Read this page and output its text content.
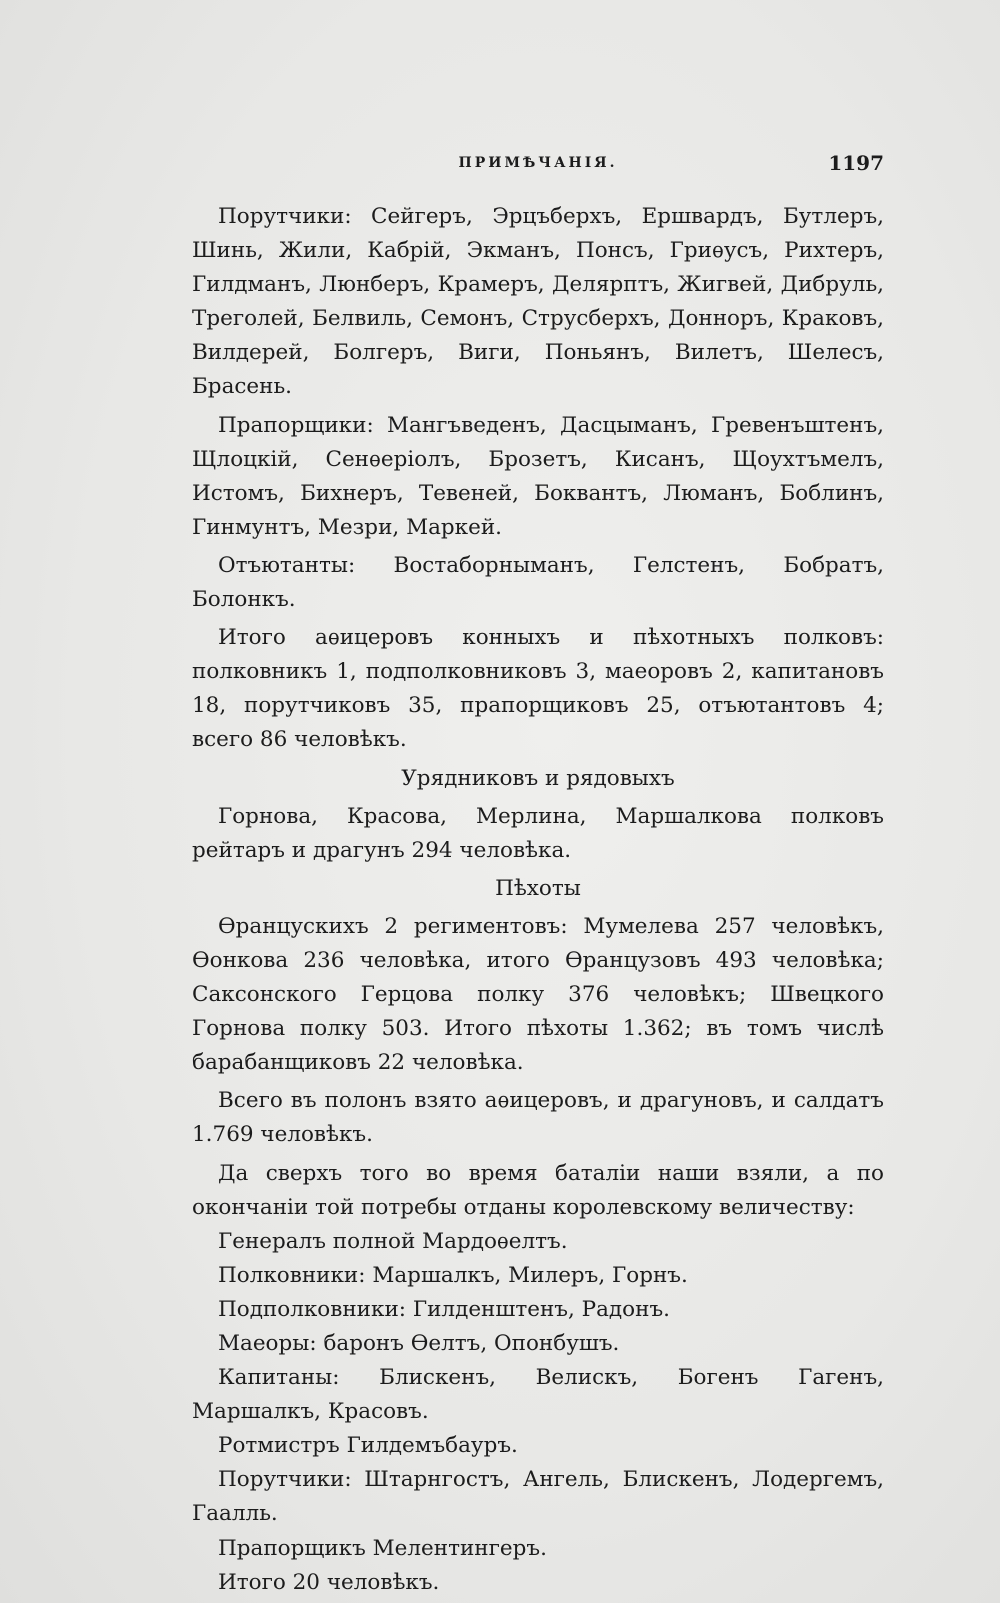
ПРИМѢЧАНІЯ.	1197

Порутчики: Сейгеръ, Эрцъберхъ, Ершвардъ, Бутлеръ, Шинь, Жили, Кабрій, Экманъ, Понсъ, Гриѳусъ, Рихтеръ, Гилдманъ, Люнберъ, Крамеръ, Делярптъ, Жигвей, Дибруль, Треголей, Белвиль, Семонъ, Струсберхъ, Донноръ, Краковъ, Вилдерей, Болгеръ, Виги, Поньянъ, Вилетъ, Шелесъ, Брасень.

Прапорщики: Мангъведенъ, Дасцыманъ, Гревенъштенъ, Щлоцкій, Сенѳеріолъ, Брозетъ, Кисанъ, Щоухтъмелъ, Истомъ, Бихнеръ, Тевеней, Боквантъ, Люманъ, Боблинъ, Гинмунтъ, Мезри, Маркей.

Отъютанты: Востаборныманъ, Гелстенъ, Бобратъ, Болонкъ.

Итого аѳицеровъ конныхъ и пѣхотныхъ полковъ: полковникъ 1, подполковниковъ 3, маеоровъ 2, капитановъ 18, порутчиковъ 35, прапорщиковъ 25, отъютантовъ 4; всего 86 человѣкъ.

Урядниковъ и рядовыхъ

Горнова, Красова, Мерлина, Маршалкова полковъ рейтаръ и драгунъ 294 человѣка.

Пѣхоты

Ѳранцускихъ 2 региментовъ: Мумелева 257 человѣкъ, Ѳонкова 236 человѣка, итого Ѳранцузовъ 493 человѣка; Саксонского Герцова полку 376 человѣкъ; Швецкого Горнова полку 503. Итого пѣхоты 1.362; въ томъ числѣ барабанщиковъ 22 человѣка.

Всего въ полонъ взято аѳицеровъ, и драгуновъ, и салдатъ 1.769 человѣкъ.

Да сверхъ того во время баталіи наши взяли, а по окончаніи той потребы отданы королевскому величеству:

Генералъ полной Мардоѳелтъ.

Полковники: Маршалкъ, Милеръ, Горнъ.

Подполковники: Гилденштенъ, Радонъ.

Маеоры: баронъ Ѳелтъ, Опонбушъ.

Капитаны: Блискенъ, Велискъ, Богенъ Гагенъ, Маршалкъ, Красовъ.

Ротмистръ Гилдемъбауръ.

Порутчики: Штарнгостъ, Ангель, Блискенъ, Лодергемъ, Гаалль.

Прапорщикъ Мелентингеръ.

Итого 20 человѣкъ.
